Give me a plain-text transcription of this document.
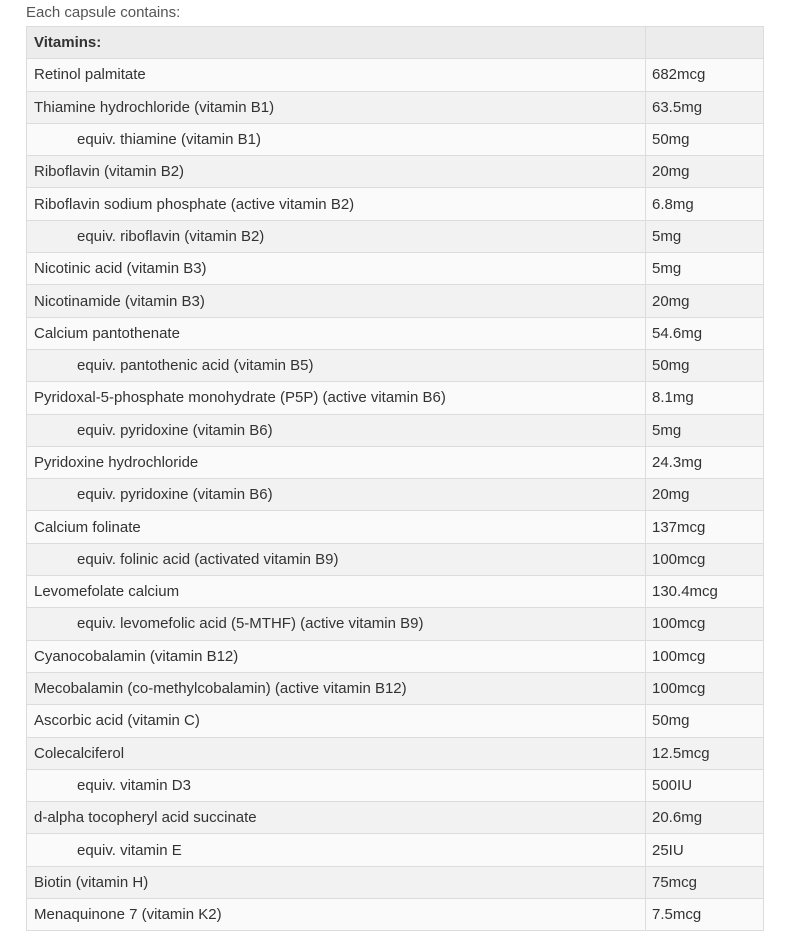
Each capsule contains:
Vitamins:	
Retinol palmitate	682mcg
Thiamine hydrochloride (vitamin B1)	63.5mg
equiv. thiamine (vitamin B1)	50mg
Riboflavin (vitamin B2)	20mg
Riboflavin sodium phosphate (active vitamin B2)	6.8mg
equiv. riboflavin (vitamin B2)	5mg
Nicotinic acid (vitamin B3)	5mg
Nicotinamide (vitamin B3)	20mg
Calcium pantothenate	54.6mg
equiv. pantothenic acid (vitamin B5)	50mg
Pyridoxal-5-phosphate monohydrate (P5P) (active vitamin B6)	8.1mg
equiv. pyridoxine (vitamin B6)	5mg
Pyridoxine hydrochloride	24.3mg
equiv. pyridoxine (vitamin B6)	20mg
Calcium folinate	137mcg
equiv. folinic acid (activated vitamin B9)	100mcg
Levomefolate calcium	130.4mcg
equiv. levomefolic acid (5-MTHF) (active vitamin B9)	100mcg
Cyanocobalamin (vitamin B12)	100mcg
Mecobalamin (co-methylcobalamin) (active vitamin B12)	100mcg
Ascorbic acid (vitamin C)	50mg
Colecalciferol	12.5mcg
equiv. vitamin D3	500IU
d-alpha tocopheryl acid succinate	20.6mg
equiv. vitamin E	25IU
Biotin (vitamin H)	75mcg
Menaquinone 7 (vitamin K2)	7.5mcg
